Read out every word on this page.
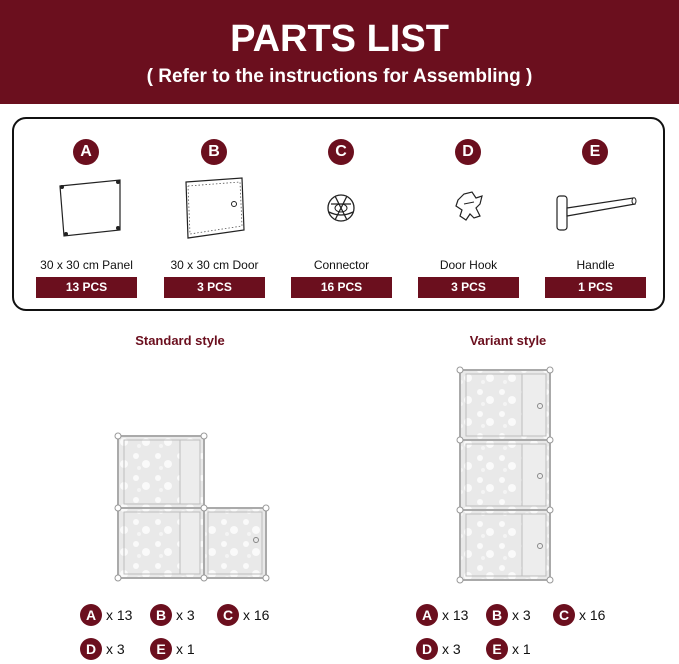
PARTS LIST
( Refer to the instructions for Assembling )
A
30 x 30 cm Panel
13 PCS
B
30 x 30 cm Door
3 PCS
C
Connector
16 PCS
D
Door Hook
3 PCS
E
Handle
1 PCS
Standard style
A x 13	B x 3	C x 16
D x 3	E x 1
Variant style
A x 13	B x 3	C x 16
D x 3	E x 1
